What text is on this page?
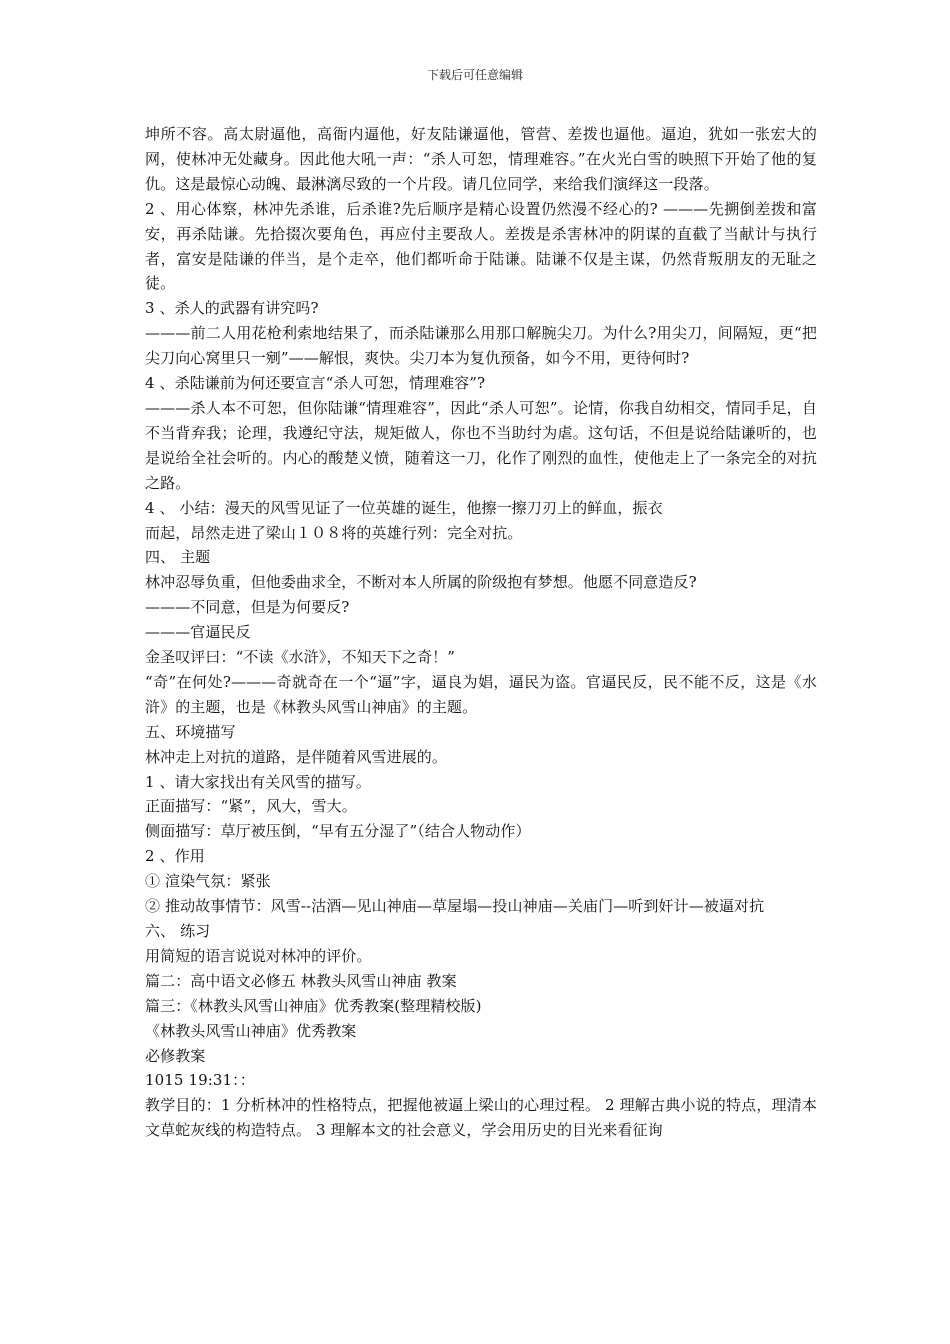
下载后可任意编辑

坤所不容。高太尉逼他，高衙内逼他，好友陆谦逼他，管营、差拨也逼他。逼迫，犹如一张宏大的网，使林冲无处藏身。因此他大吼一声：“杀人可恕，情理难容。”在火光白雪的映照下开始了他的复仇。这是最惊心动魄、最淋漓尽致的一个片段。请几位同学，来给我们演绎这一段落。

2 、用心体察，林冲先杀谁，后杀谁?先后顺序是精心设置仍然漫不经心的? ———先搠倒差拨和富安，再杀陆谦。先拾掇次要角色，再应付主要敌人。差拨是杀害林冲的阴谋的直截了当献计与执行者，富安是陆谦的伴当，是个走卒，他们都听命于陆谦。陆谦不仅是主谋，仍然背叛朋友的无耻之徒。

3 、杀人的武器有讲究吗?

———前二人用花枪利索地结果了，而杀陆谦那么用那口解腕尖刀。为什么?用尖刀，间隔短，更“把尖刀向心窝里只一剜”——解恨，爽快。尖刀本为复仇预备，如今不用，更待何时?

4 、杀陆谦前为何还要宣言“杀人可恕，情理难容”?

———杀人本不可恕，但你陆谦“情理难容”，因此“杀人可恕”。论情，你我自幼相交，情同手足，自不当背弃我；论理，我遵纪守法，规矩做人，你也不当助纣为虐。这句话，不但是说给陆谦听的，也是说给全社会听的。内心的酸楚义愤，随着这一刀，化作了刚烈的血性，使他走上了一条完全的对抗之路。

4 、 小结：漫天的风雪见证了一位英雄的诞生，他擦一擦刀刃上的鲜血，振衣

而起，昂然走进了梁山１０８将的英雄行列：完全对抗。

四、 主题

林冲忍辱负重，但他委曲求全，不断对本人所属的阶级抱有梦想。他愿不同意造反?

———不同意，但是为何要反?

———官逼民反

金圣叹评曰：“不读《水浒》，不知天下之奇！”

“奇”在何处?———奇就奇在一个“逼”字，逼良为娼，逼民为盗。官逼民反，民不能不反，这是《水浒》的主题，也是《林教头风雪山神庙》的主题。

五、环境描写

林冲走上对抗的道路，是伴随着风雪进展的。

1 、请大家找出有关风雪的描写。

正面描写：“紧”，风大，雪大。

侧面描写：草厅被压倒，“早有五分湿了”（结合人物动作）

2 、作用

① 渲染气氛：紧张

② 推动故事情节：风雪--沽酒—见山神庙—草屋塌—投山神庙—关庙门—听到奸计—被逼对抗

六、 练习

用简短的语言说说对林冲的评价。

篇二：高中语文必修五 林教头风雪山神庙 教案

篇三：《林教头风雪山神庙》优秀教案(整理精校版)

《林教头风雪山神庙》优秀教案

必修教案

1015 19:31：：

教学目的：1 分析林冲的性格特点，把握他被逼上梁山的心理过程。 2 理解古典小说的特点，理清本文草蛇灰线的构造特点。 3 理解本文的社会意义，学会用历史的目光来看征询
